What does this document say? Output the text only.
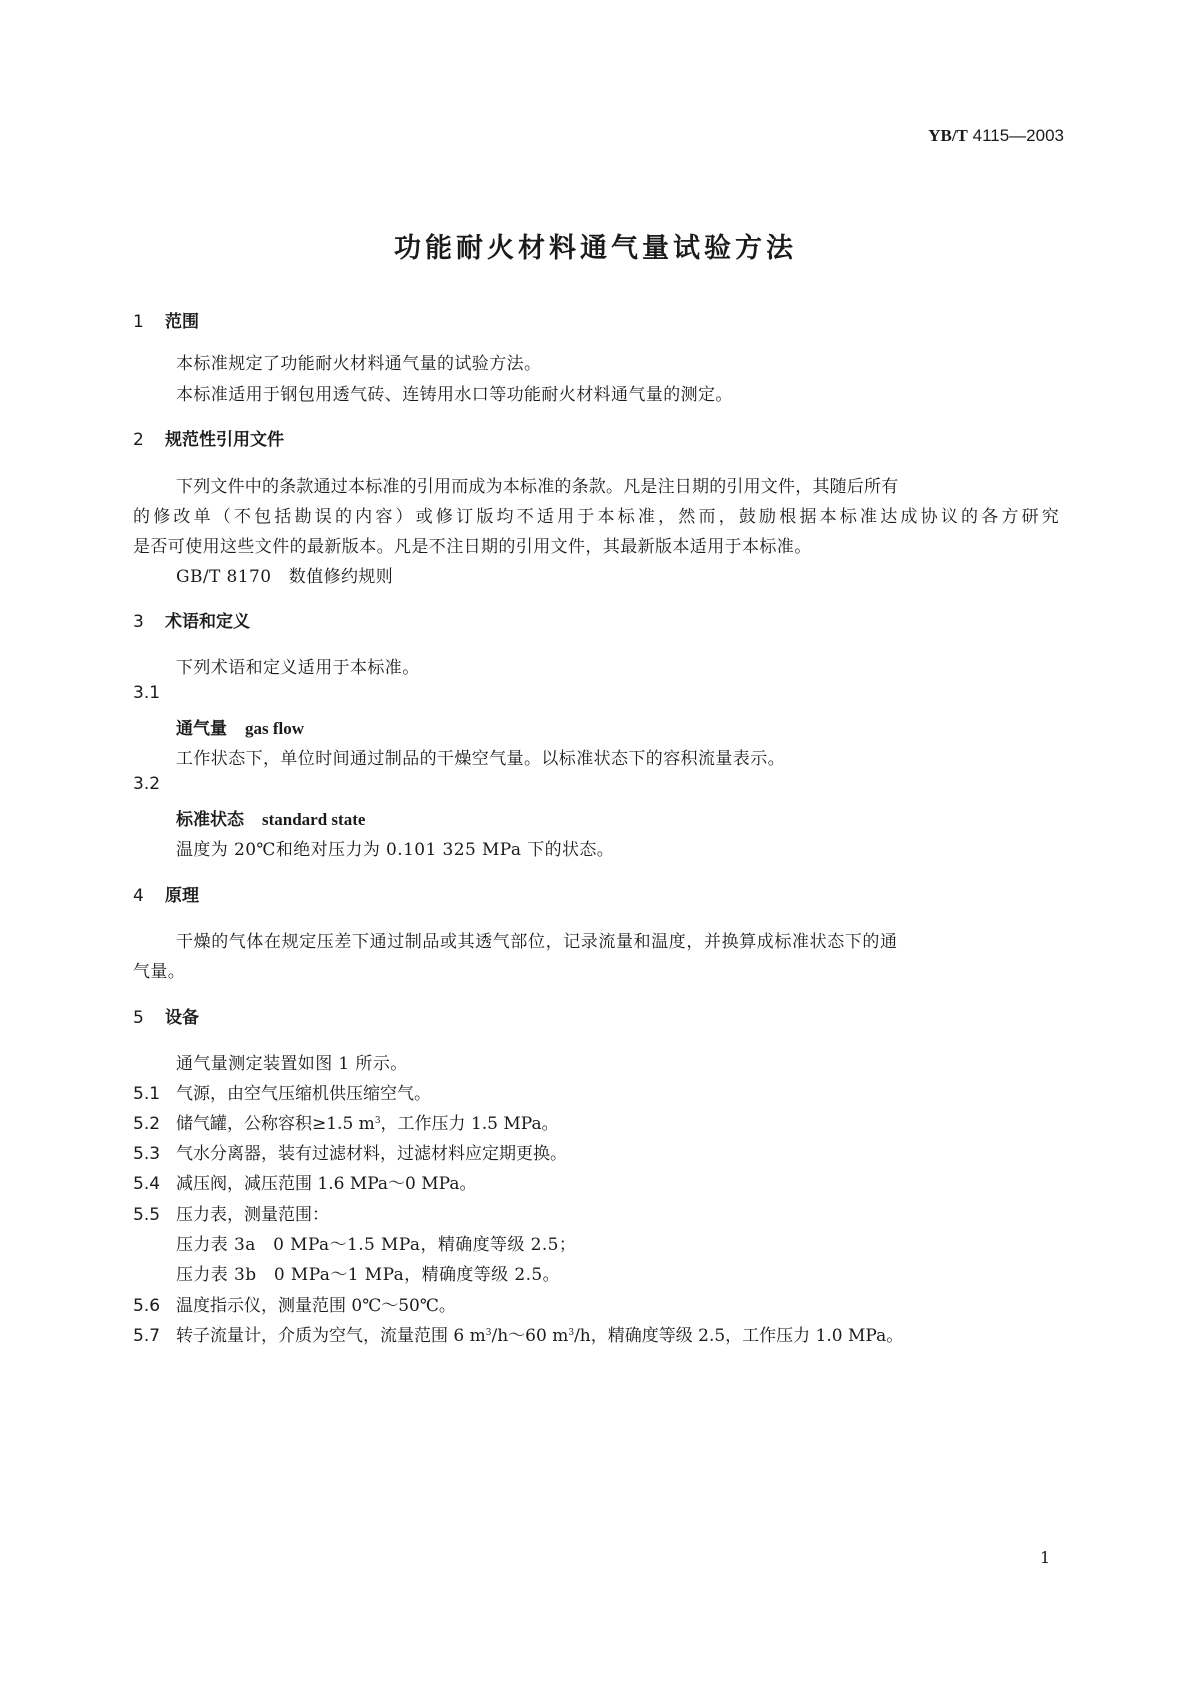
YB/T 4115—2003
功能耐火材料通气量试验方法
1 范围
本标准规定了功能耐火材料通气量的试验方法。
本标准适用于钢包用透气砖、连铸用水口等功能耐火材料通气量的测定。
2 规范性引用文件
下列文件中的条款通过本标准的引用而成为本标准的条款。凡是注日期的引用文件，其随后所有
的修改单（不包括勘误的内容）或修订版均不适用于本标准，然而，鼓励根据本标准达成协议的各方研究
是否可使用这些文件的最新版本。凡是不注日期的引用文件，其最新版本适用于本标准。
GB/T 8170　数值修约规则
3 术语和定义
下列术语和定义适用于本标准。
3.1
通气量 gas flow
工作状态下，单位时间通过制品的干燥空气量。以标准状态下的容积流量表示。
3.2
标准状态 standard state
温度为 20℃和绝对压力为 0.101 325 MPa 下的状态。
4 原理
干燥的气体在规定压差下通过制品或其透气部位，记录流量和温度，并换算成标准状态下的通
气量。
5 设备
通气量测定装置如图 1 所示。
5.1 气源，由空气压缩机供压缩空气。
5.2 储气罐，公称容积≥1.5 $m^3$，工作压力 1.5 MPa。
5.3 气水分离器，装有过滤材料，过滤材料应定期更换。
5.4 减压阀，减压范围 1.6 MPa～0 MPa。
5.5 压力表，测量范围：
压力表 3a　0 MPa～1.5 MPa，精确度等级 2.5；
压力表 3b　0 MPa～1 MPa，精确度等级 2.5。
5.6 温度指示仪，测量范围 0℃～50℃。
5.7 转子流量计，介质为空气，流量范围 6 $m^3/h\sim 60$ $m^3/h$，精确度等级 2.5，工作压力 1.0 MPa。
1
